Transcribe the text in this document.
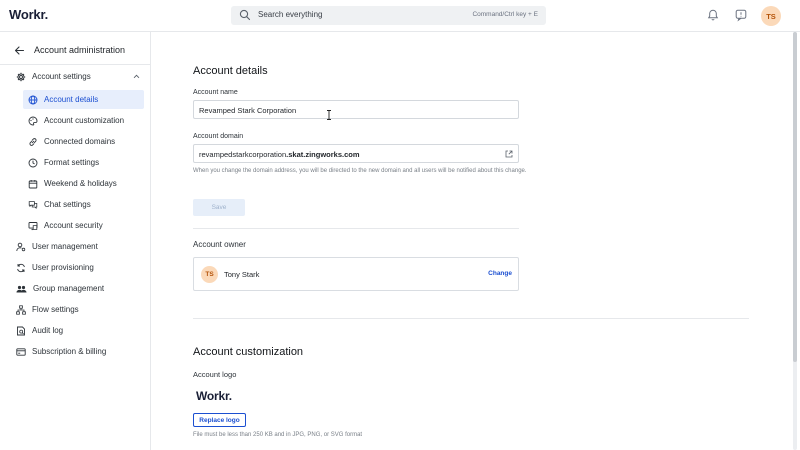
Workr.	Search everything	Command/Ctrl key + E	TS
Account administration
Account settings
Account details
Account customization
Connected domains
Format settings
Weekend & holidays
Chat settings
Account security
User management
User provisioning
Group management
Flow settings
Audit log
Subscription & billing
Account details
Account name
Revamped Stark Corporation
Account domain
revampedstarkcorporation.skat.zingworks.com
When you change the domain address, you will be directed to the new domain and all users will be notified about this change.
Save
Account owner
TS	Tony Stark	Change
Account customization
Account logo
Workr.
Replace logo
File must be less than 250 KB and in JPG, PNG, or SVG format
